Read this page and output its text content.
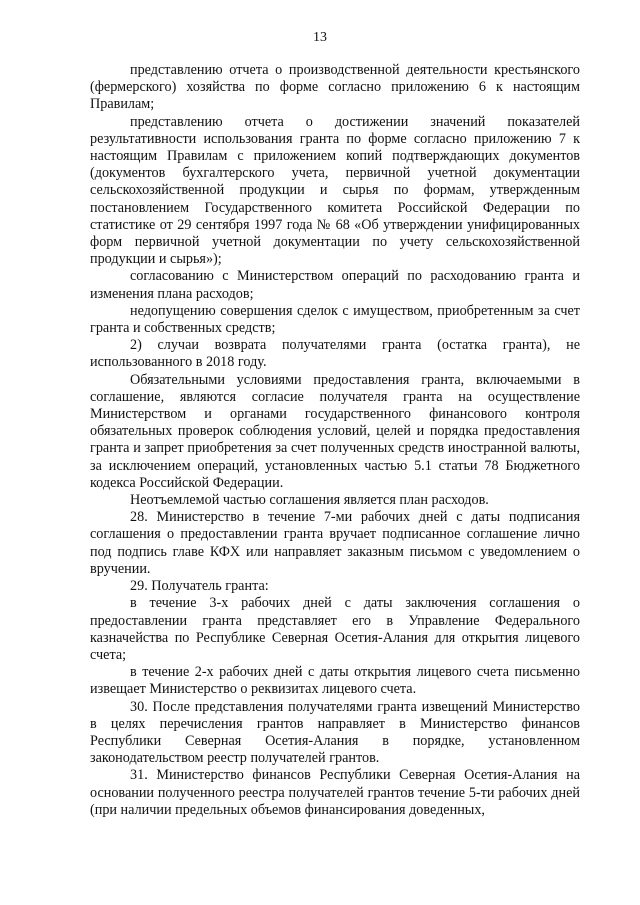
13

представлению отчета о производственной деятельности крестьянского (фермерского) хозяйства по форме согласно приложению 6 к настоящим Правилам;

представлению отчета о достижении значений показателей результативности использования гранта по форме согласно приложению 7 к настоящим Правилам с приложением копий подтверждающих документов (документов бухгалтерского учета, первичной учетной документации сельскохозяйственной продукции и сырья по формам, утвержденным постановлением Государственного комитета Российской Федерации по статистике от 29 сентября 1997 года № 68 «Об утверждении унифицированных форм первичной учетной документации по учету сельскохозяйственной продукции и сырья»);

согласованию с Министерством операций по расходованию гранта и изменения плана расходов;

недопущению совершения сделок с имуществом, приобретенным за счет гранта и собственных средств;

2) случаи возврата получателями гранта (остатка гранта), не использованного в 2018 году.

Обязательными условиями предоставления гранта, включаемыми в соглашение, являются согласие получателя гранта на осуществление Министерством и органами государственного финансового контроля обязательных проверок соблюдения условий, целей и порядка предоставления гранта и запрет приобретения за счет полученных средств иностранной валюты, за исключением операций, установленных частью 5.1 статьи 78 Бюджетного кодекса Российской Федерации.

Неотъемлемой частью соглашения является план расходов.

28. Министерство в течение 7-ми рабочих дней с даты подписания соглашения о предоставлении гранта вручает подписанное соглашение лично под подпись главе КФХ или направляет заказным письмом с уведомлением о вручении.

29. Получатель гранта:

в течение 3-х рабочих дней с даты заключения соглашения о предоставлении гранта представляет его в Управление Федерального казначейства по Республике Северная Осетия-Алания для открытия лицевого счета;

в течение 2-х рабочих дней с даты открытия лицевого счета письменно извещает Министерство о реквизитах лицевого счета.

30. После представления получателями гранта извещений Министерство в целях перечисления грантов направляет в Министерство финансов Республики Северная Осетия-Алания в порядке, установленном законодательством реестр получателей грантов.

31. Министерство финансов Республики Северная Осетия-Алания на основании полученного реестра получателей грантов течение 5-ти рабочих дней (при наличии предельных объемов финансирования доведенных,
